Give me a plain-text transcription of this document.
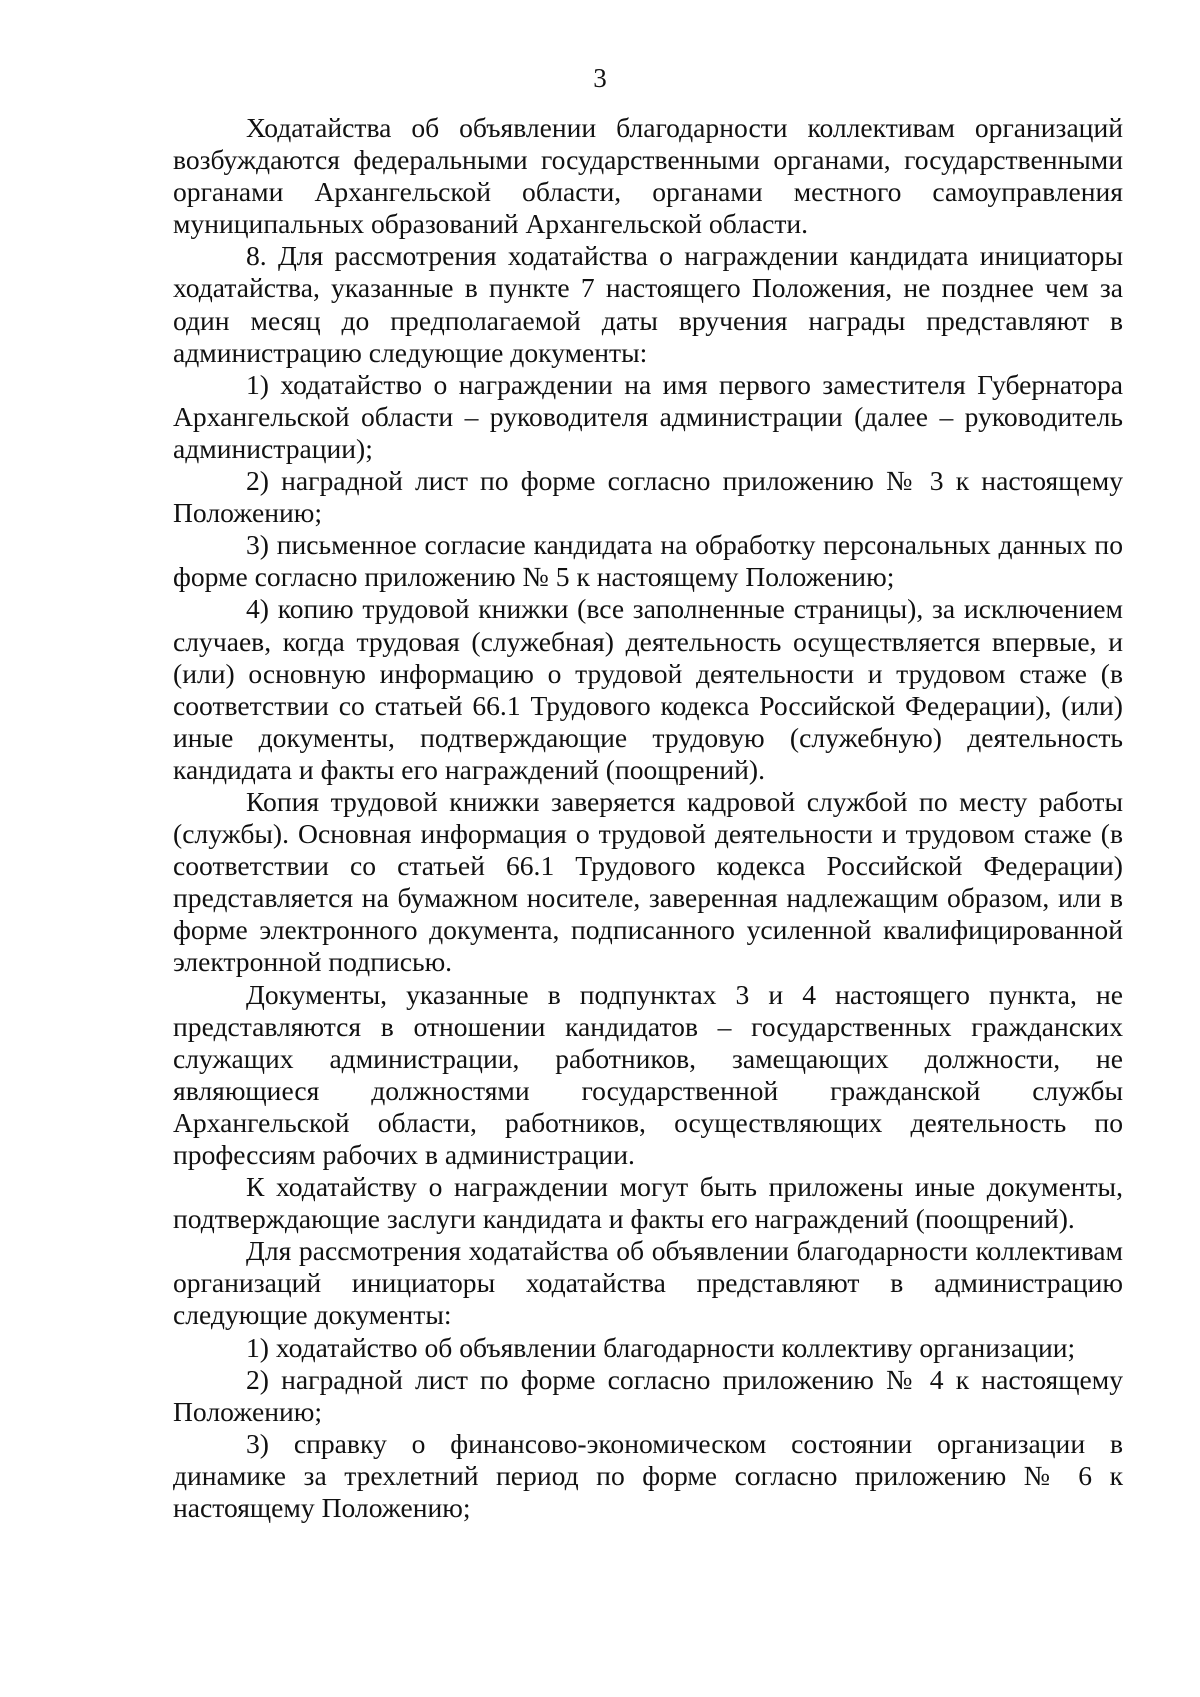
3

Ходатайства об объявлении благодарности коллективам организаций возбуждаются федеральными государственными органами, государственными органами Архангельской области, органами местного самоуправления муниципальных образований Архангельской области.

8. Для рассмотрения ходатайства о награждении кандидата инициаторы ходатайства, указанные в пункте 7 настоящего Положения, не позднее чем за один месяц до предполагаемой даты вручения награды представляют в администрацию следующие документы:

1) ходатайство о награждении на имя первого заместителя Губернатора Архангельской области – руководителя администрации (далее – руководитель администрации);

2) наградной лист по форме согласно приложению № 3 к настоящему Положению;

3) письменное согласие кандидата на обработку персональных данных по форме согласно приложению № 5 к настоящему Положению;

4) копию трудовой книжки (все заполненные страницы), за исключением случаев, когда трудовая (служебная) деятельность осуществляется впервые, и (или) основную информацию о трудовой деятельности и трудовом стаже (в соответствии со статьей 66.1 Трудового кодекса Российской Федерации), (или) иные документы, подтверждающие трудовую (служебную) деятельность кандидата и факты его награждений (поощрений).

Копия трудовой книжки заверяется кадровой службой по месту работы (службы). Основная информация о трудовой деятельности и трудовом стаже (в соответствии со статьей 66.1 Трудового кодекса Российской Федерации) представляется на бумажном носителе, заверенная надлежащим образом, или в форме электронного документа, подписанного усиленной квалифицированной электронной подписью.

Документы, указанные в подпунктах 3 и 4 настоящего пункта, не представляются в отношении кандидатов – государственных гражданских служащих администрации, работников, замещающих должности, не являющиеся должностями государственной гражданской службы Архангельской области, работников, осуществляющих деятельность по профессиям рабочих в администрации.

К ходатайству о награждении могут быть приложены иные документы, подтверждающие заслуги кандидата и факты его награждений (поощрений).

Для рассмотрения ходатайства об объявлении благодарности коллективам организаций инициаторы ходатайства представляют в администрацию следующие документы:

1) ходатайство об объявлении благодарности коллективу организации;

2) наградной лист по форме согласно приложению № 4 к настоящему Положению;

3) справку о финансово-экономическом состоянии организации в динамике за трехлетний период по форме согласно приложению № 6 к настоящему Положению;
